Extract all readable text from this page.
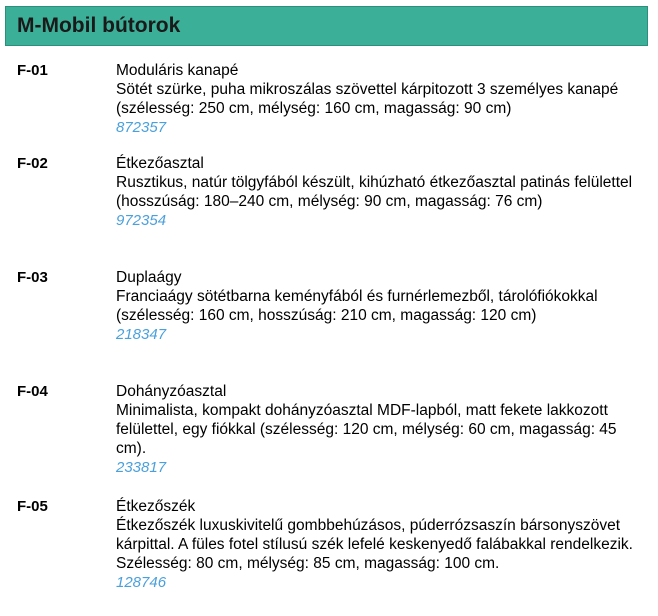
M-Mobil bútorok
F-01	Moduláris kanapé
Sötét szürke, puha mikroszálas szövettel kárpitozott 3 személyes kanapé (szélesség: 250 cm, mélység: 160 cm, magasság: 90 cm)
872357
F-02	Étkezőasztal
Rusztikus, natúr tölgyfából készült, kihúzható étkezőasztal patinás felülettel (hosszúság: 180–240 cm, mélység: 90 cm, magasság: 76 cm)
972354
F-03	Duplaágy
Franciaágy sötétbarna keményfából és furnérlemezből, tárolófiókokkal (szélesség: 160 cm, hosszúság: 210 cm, magasság: 120 cm)
218347
F-04	Dohányzóasztal
Minimalista, kompakt dohányzóasztal MDF-lapból, matt fekete lakkozott felülettel, egy fiókkal (szélesség: 120 cm, mélység: 60 cm, magasság: 45 cm).
233817
F-05	Étkezőszék
Étkezőszék luxuskivitelű gombbehúzásos, púderrózsaszín bársonyszövet kárpittal. A füles fotel stílusú szék lefelé keskenyedő falábakkal rendelkezik. Szélesség: 80 cm, mélység: 85 cm, magasság: 100 cm.
128746
